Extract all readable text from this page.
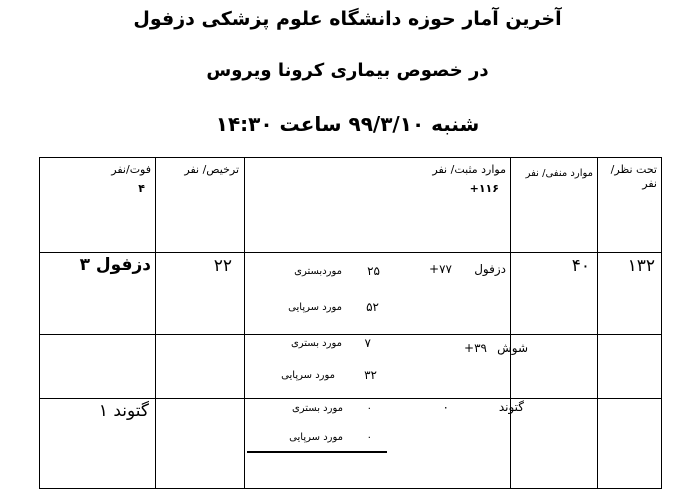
آخرین آمار حوزه دانشگاه علوم پزشکی دزفول
در خصوص بیماری کرونا ویروس
شنبه ۹۹/۳/۱۰ ساعت ۱۴:۳۰
تحت نظر/ نفر
موارد منفی/ نفر
موارد مثبت/ نفر
۱۱۶+
ترخیص/ نفر
فوت/نفر
۴
۱۳۲
۴۰
دزفول
۷۷+
۲۵
موردبستری
۵۲
مورد سرپایی
۲۲
دزفول ۳
شوش
۳۹+
۷
مورد بستری
۳۲
مورد سرپایی
گتوند
۰
۰
مورد بستری
۰
مورد سرپایی
گتوند ۱
